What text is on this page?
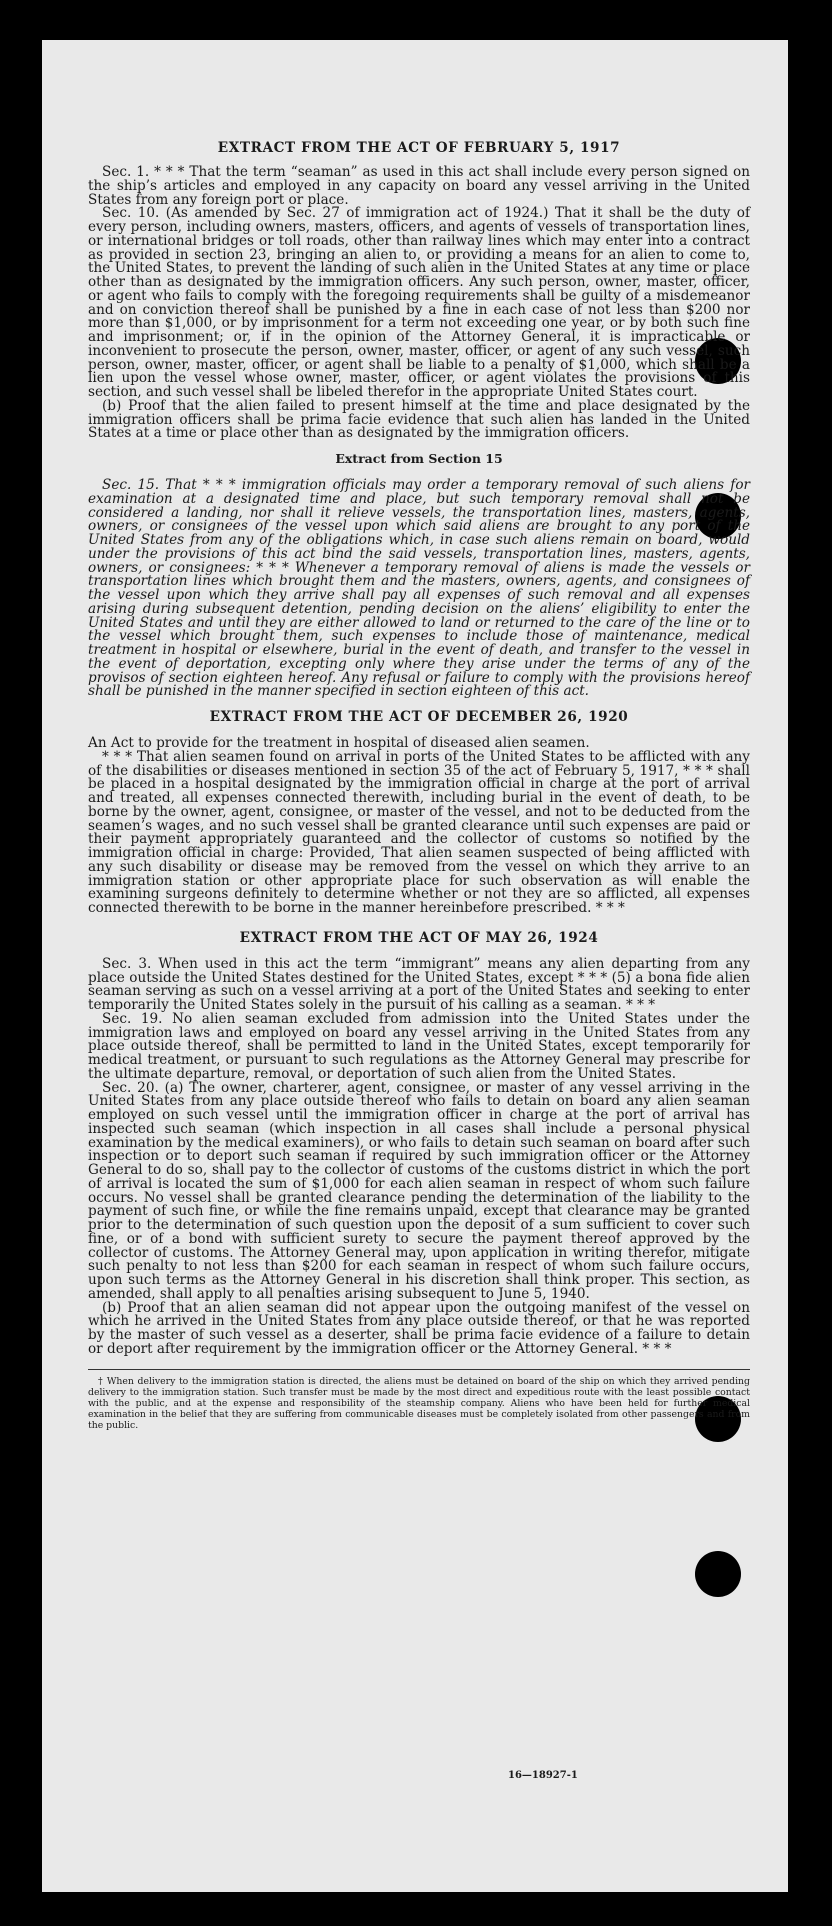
EXTRACT FROM THE ACT OF FEBRUARY 5, 1917

Sec. 1. * * * That the term “seaman” as used in this act shall include every person signed on the ship’s articles and employed in any capacity on board any vessel arriving in the United States from any foreign port or place.

Sec. 10. (As amended by Sec. 27 of immigration act of 1924.) That it shall be the duty of every person, including owners, masters, officers, and agents of vessels of transportation lines, or international bridges or toll roads, other than railway lines which may enter into a contract as provided in section 23, bringing an alien to, or providing a means for an alien to come to, the United States, to prevent the landing of such alien in the United States at any time or place other than as designated by the immigration officers. Any such person, owner, master, officer, or agent who fails to comply with the foregoing requirements shall be guilty of a misdemeanor and on conviction thereof shall be punished by a fine in each case of not less than $200 nor more than $1,000, or by imprisonment for a term not exceeding one year, or by both such fine and imprisonment; or, if in the opinion of the Attorney General, it is impracticable or inconvenient to prosecute the person, owner, master, officer, or agent of any such vessel, such person, owner, master, officer, or agent shall be liable to a penalty of $1,000, which shall be a lien upon the vessel whose owner, master, officer, or agent violates the provisions of this section, and such vessel shall be libeled therefor in the appropriate United States court.

(b) Proof that the alien failed to present himself at the time and place designated by the immigration officers shall be prima facie evidence that such alien has landed in the United States at a time or place other than as designated by the immigration officers.

Extract from Section 15

Sec. 15. That * * * immigration officials may order a temporary removal of such aliens for examination at a designated time and place, but such temporary removal shall not be considered a landing, nor shall it relieve vessels, the transportation lines, masters, agents, owners, or consignees of the vessel upon which said aliens are brought to any port of the United States from any of the obligations which, in case such aliens remain on board, would under the provisions of this act bind the said vessels, transportation lines, masters, agents, owners, or consignees: * * * Whenever a temporary removal of aliens is made the vessels or transportation lines which brought them and the masters, owners, agents, and consignees of the vessel upon which they arrive shall pay all expenses of such removal and all expenses arising during subsequent detention, pending decision on the aliens’ eligibility to enter the United States and until they are either allowed to land or returned to the care of the line or to the vessel which brought them, such expenses to include those of maintenance, medical treatment in hospital or elsewhere, burial in the event of death, and transfer to the vessel in the event of deportation, excepting only where they arise under the terms of any of the provisos of section eighteen hereof. Any refusal or failure to comply with the provisions hereof shall be punished in the manner specified in section eighteen of this act.

EXTRACT FROM THE ACT OF DECEMBER 26, 1920

An Act to provide for the treatment in hospital of diseased alien seamen.

* * * That alien seamen found on arrival in ports of the United States to be afflicted with any of the disabilities or diseases mentioned in section 35 of the act of February 5, 1917, * * * shall be placed in a hospital designated by the immigration official in charge at the port of arrival and treated, all expenses connected therewith, including burial in the event of death, to be borne by the owner, agent, consignee, or master of the vessel, and not to be deducted from the seamen’s wages, and no such vessel shall be granted clearance until such expenses are paid or their payment appropriately guaranteed and the collector of customs so notified by the immigration official in charge: Provided, That alien seamen suspected of being afflicted with any such disability or disease may be removed from the vessel on which they arrive to an immigration station or other appropriate place for such observation as will enable the examining surgeons definitely to determine whether or not they are so afflicted, all expenses connected therewith to be borne in the manner hereinbefore prescribed. * * *

EXTRACT FROM THE ACT OF MAY 26, 1924

Sec. 3. When used in this act the term “immigrant” means any alien departing from any place outside the United States destined for the United States, except * * * (5) a bona fide alien seaman serving as such on a vessel arriving at a port of the United States and seeking to enter temporarily the United States solely in the pursuit of his calling as a seaman. * * *

Sec. 19. No alien seaman excluded from admission into the United States under the immigration laws and employed on board any vessel arriving in the United States from any place outside thereof, shall be permitted to land in the United States, except temporarily for medical treatment, or pursuant to such regulations as the Attorney General may prescribe for the ultimate departure, removal, or deportation of such alien from the United States.

Sec. 20. (a) The owner, charterer, agent, consignee, or master of any vessel arriving in the United States from any place outside thereof who fails to detain on board any alien seaman employed on such vessel until the immigration officer in charge at the port of arrival has inspected such seaman (which inspection in all cases shall include a personal physical examination by the medical examiners), or who fails to detain such seaman on board after such inspection or to deport such seaman if required by such immigration officer or the Attorney General to do so, shall pay to the collector of customs of the customs district in which the port of arrival is located the sum of $1,000 for each alien seaman in respect of whom such failure occurs. No vessel shall be granted clearance pending the determination of the liability to the payment of such fine, or while the fine remains unpaid, except that clearance may be granted prior to the determination of such question upon the deposit of a sum sufficient to cover such fine, or of a bond with sufficient surety to secure the payment thereof approved by the collector of customs. The Attorney General may, upon application in writing therefor, mitigate such penalty to not less than $200 for each seaman in respect of whom such failure occurs, upon such terms as the Attorney General in his discretion shall think proper. This section, as amended, shall apply to all penalties arising subsequent to June 5, 1940.

(b) Proof that an alien seaman did not appear upon the outgoing manifest of the vessel on which he arrived in the United States from any place outside thereof, or that he was reported by the master of such vessel as a deserter, shall be prima facie evidence of a failure to detain or deport after requirement by the immigration officer or the Attorney General. * * *

† When delivery to the immigration station is directed, the aliens must be detained on board of the ship on which they arrived pending delivery to the immigration station. Such transfer must be made by the most direct and expeditious route with the least possible contact with the public, and at the expense and responsibility of the steamship company. Aliens who have been held for further medical examination in the belief that they are suffering from communicable diseases must be completely isolated from other passengers and from the public.
16—18927-1
